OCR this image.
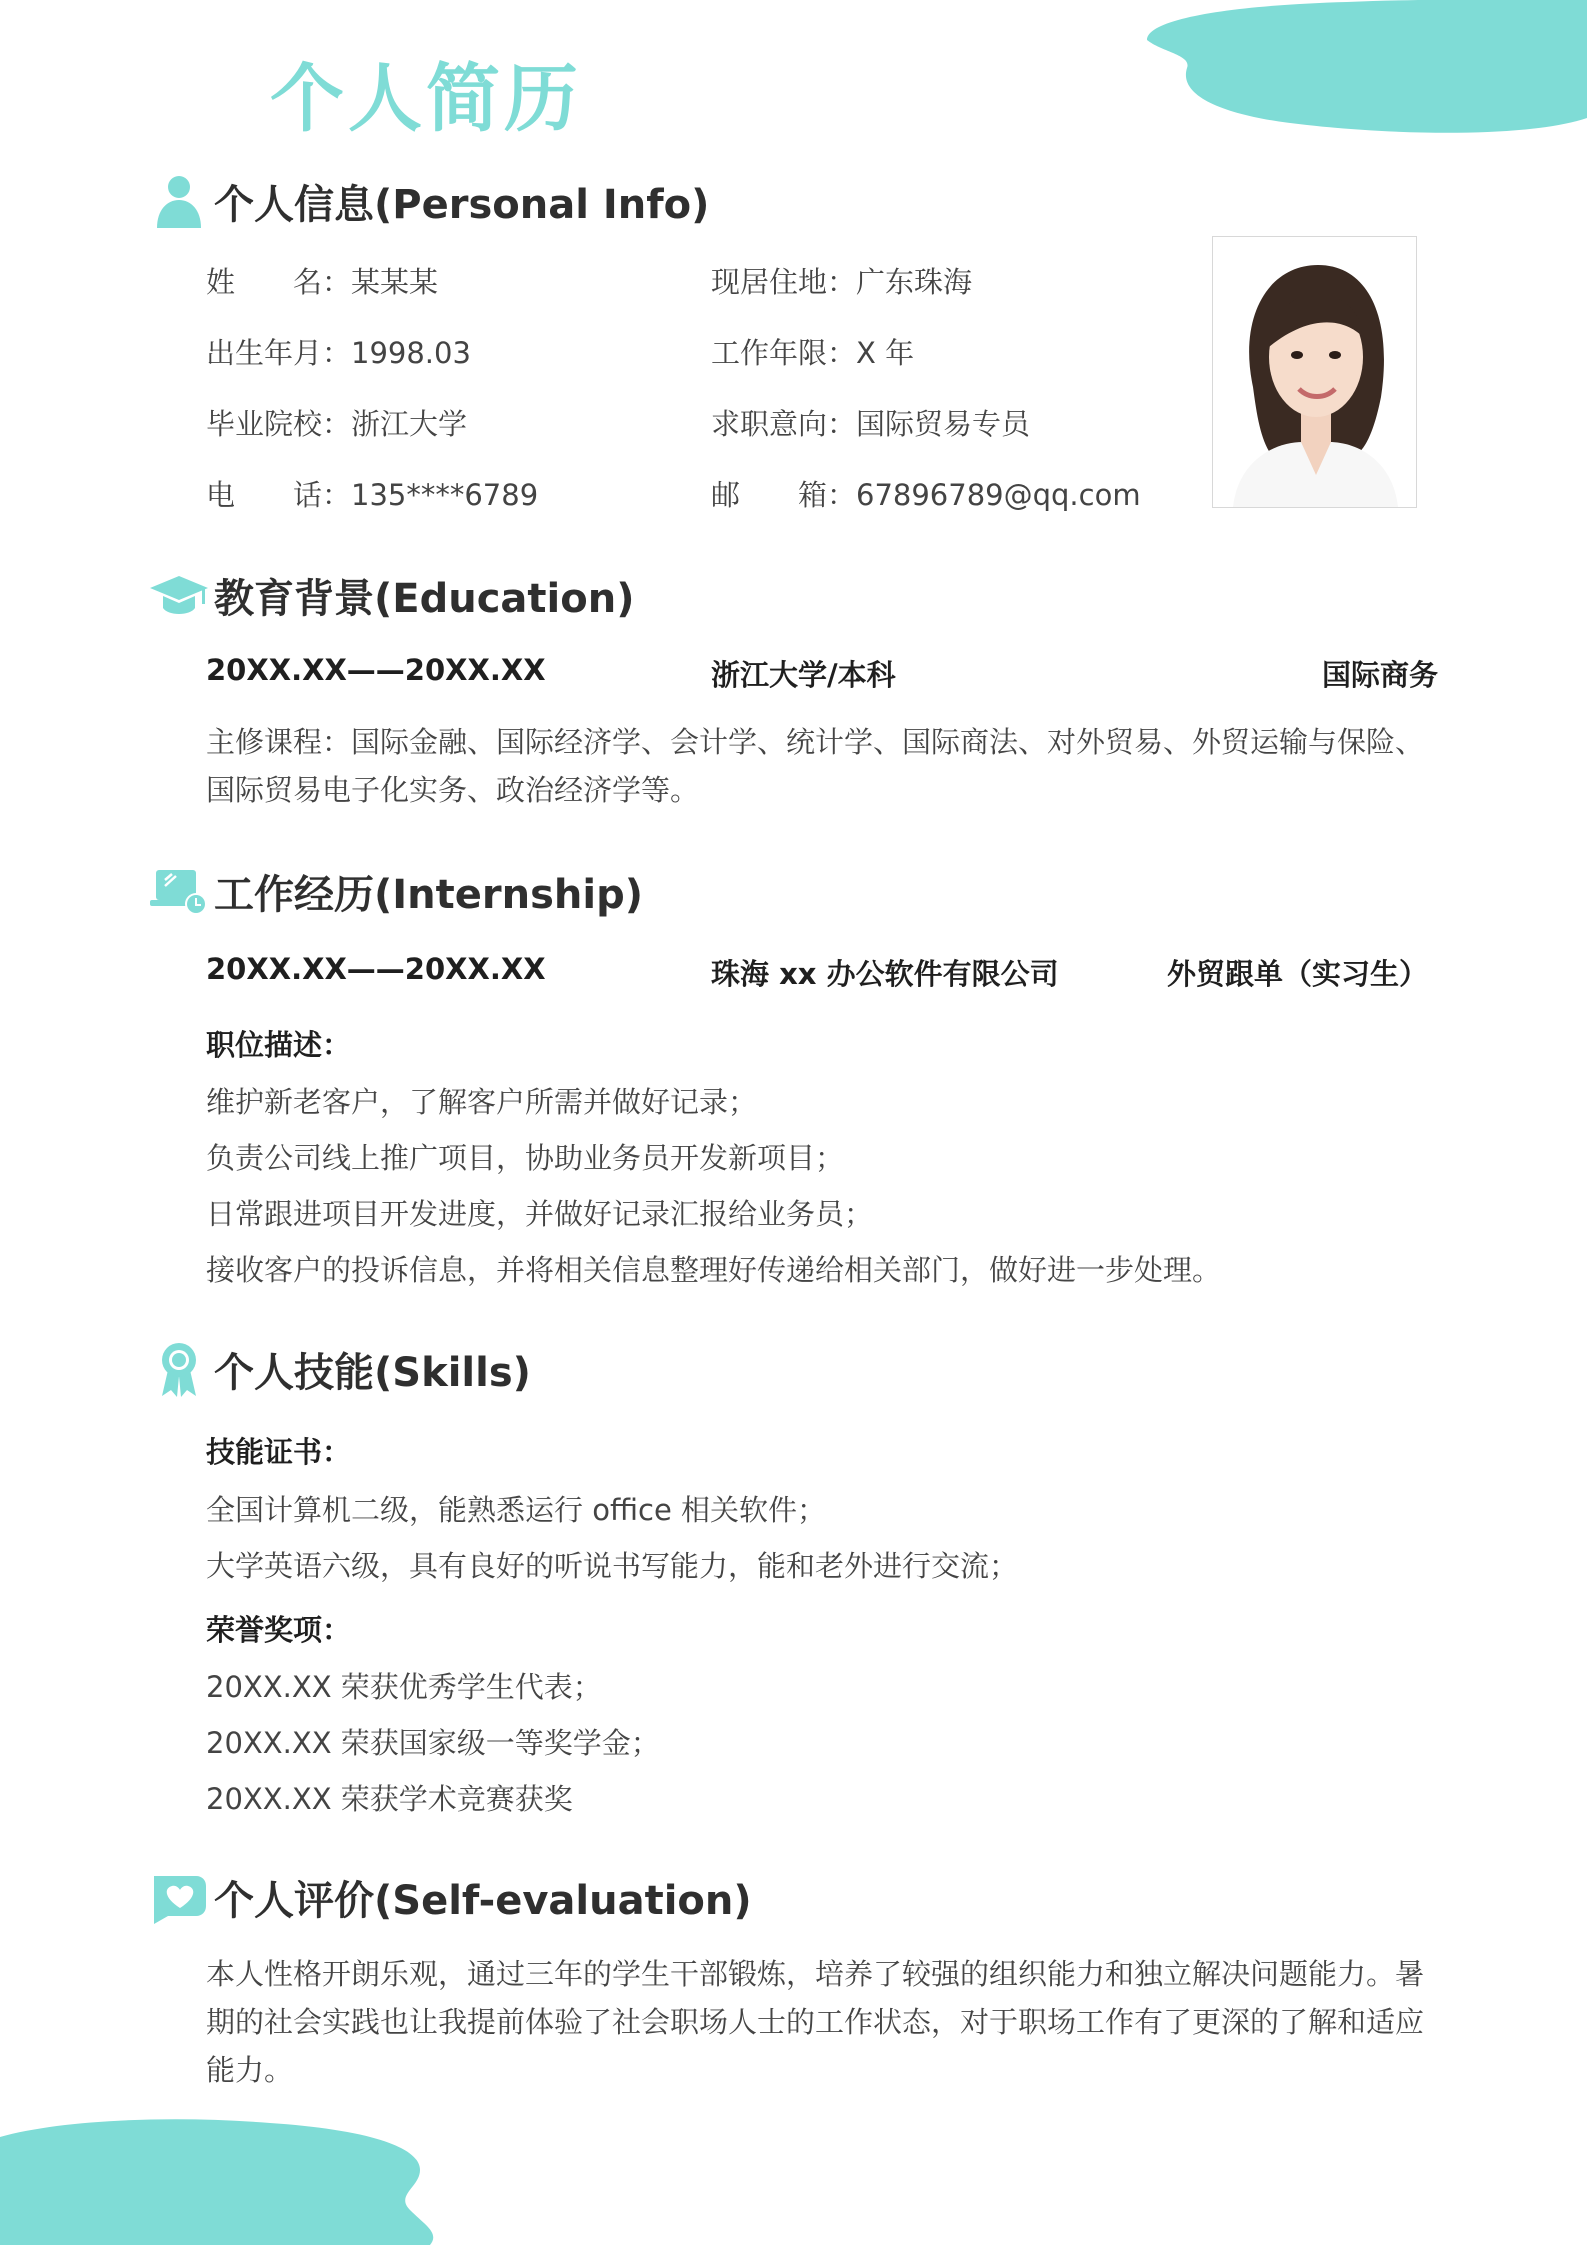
个人简历
个人信息(Personal Info)
姓　　名：某某某	现居住地：广东珠海
出生年月：1998.03	工作年限：X 年
毕业院校：浙江大学	求职意向：国际贸易专员
电　　话：135****6789	邮　　箱：67896789@qq.com
教育背景(Education)
20XX.XX——20XX.XX	浙江大学/本科	国际商务

主修课程：国际金融、国际经济学、会计学、统计学、国际商法、对外贸易、外贸运输与保险、国际贸易电子化实务、政治经济学等。

工作经历(Internship)
20XX.XX——20XX.XX	珠海 xx 办公软件有限公司	外贸跟单（实习生）
职位描述：
维护新老客户，了解客户所需并做好记录；
负责公司线上推广项目，协助业务员开发新项目；
日常跟进项目开发进度，并做好记录汇报给业务员；
接收客户的投诉信息，并将相关信息整理好传递给相关部门，做好进一步处理。
个人技能(Skills)
技能证书：
全国计算机二级，能熟悉运行 office 相关软件；
大学英语六级，具有良好的听说书写能力，能和老外进行交流；
荣誉奖项：
20XX.XX 荣获优秀学生代表；
20XX.XX 荣获国家级一等奖学金；
20XX.XX 荣获学术竞赛获奖
个人评价(Self-evaluation)

本人性格开朗乐观，通过三年的学生干部锻炼，培养了较强的组织能力和独立解决问题能力。暑期的社会实践也让我提前体验了社会职场人士的工作状态，对于职场工作有了更深的了解和适应能力。
